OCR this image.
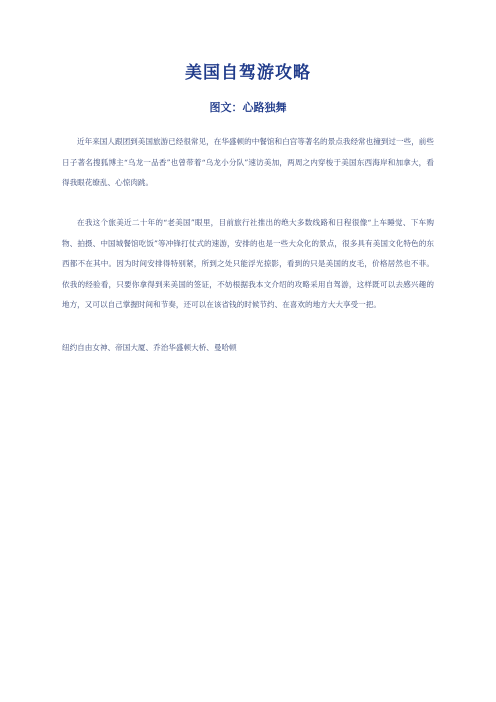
美国自驾游攻略
图文：心路独舞

近年来国人跟团到美国旅游已经很常见，在华盛顿的中餐馆和白宫等著名的景点我经常也撞到过一些，前些日子著名搜狐博主“乌龙一品香”也曾带着“乌龙小分队”速访美加，两周之内穿梭于美国东西海岸和加拿大，看得我眼花缭乱、心惊肉跳。

在我这个旅美近二十年的“老美国”眼里，目前旅行社推出的绝大多数线路和日程很像“上车睡觉、下车购物、拍摄、中国城餐馆吃饭”等冲锋打仗式的速游，安排的也是一些大众化的景点，很多具有美国文化特色的东西都不在其中。因为时间安排得特别紧，所到之处只能浮光掠影，看到的只是美国的皮毛，价格居然也不菲。依我的经验看，只要你拿得到来美国的签证，不妨根据我本文介绍的攻略采用自驾游，这样既可以去感兴趣的地方，又可以自己掌握时间和节奏，还可以在该省钱的时候节约、在喜欢的地方大大享受一把。

纽约自由女神、帝国大厦、乔治华盛顿大桥、曼哈顿
